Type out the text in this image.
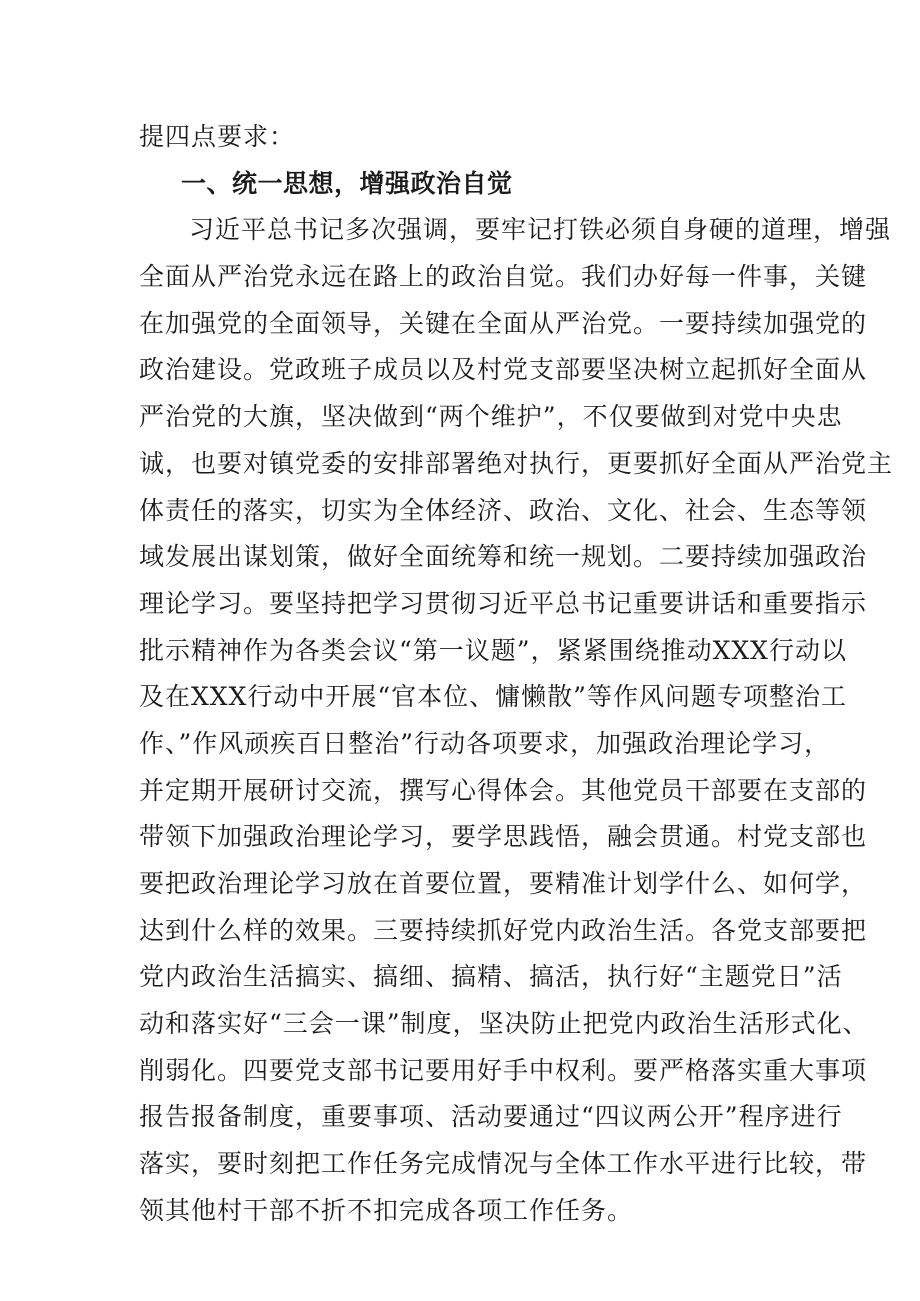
提四点要求：
一、统一思想，增强政治自觉
习近平总书记多次强调，要牢记打铁必须自身硬的道理，增强
全面从严治党永远在路上的政治自觉。我们办好每一件事，关键
在加强党的全面领导，关键在全面从严治党。一要持续加强党的
政治建设。党政班子成员以及村党支部要坚决树立起抓好全面从
严治党的大旗，坚决做到“两个维护”，不仅要做到对党中央忠
诚，也要对镇党委的安排部署绝对执行，更要抓好全面从严治党主
体责任的落实，切实为全体经济、政治、文化、社会、生态等领
域发展出谋划策，做好全面统筹和统一规划。二要持续加强政治
理论学习。要坚持把学习贯彻习近平总书记重要讲话和重要指示
批示精神作为各类会议“第一议题”，紧紧围绕推动XXX行动以
及在XXX行动中开展“官本位、慵懒散”等作风问题专项整治工
作、”作风顽疾百日整治”行动各项要求，加强政治理论学习，
并定期开展研讨交流，撰写心得体会。其他党员干部要在支部的
带领下加强政治理论学习，要学思践悟，融会贯通。村党支部也
要把政治理论学习放在首要位置，要精准计划学什么、如何学，
达到什么样的效果。三要持续抓好党内政治生活。各党支部要把
党内政治生活搞实、搞细、搞精、搞活，执行好“主题党日”活
动和落实好“三会一课”制度，坚决防止把党内政治生活形式化、
削弱化。四要党支部书记要用好手中权利。要严格落实重大事项
报告报备制度，重要事项、活动要通过“四议两公开”程序进行
落实，要时刻把工作任务完成情况与全体工作水平进行比较，带
领其他村干部不折不扣完成各项工作任务。
